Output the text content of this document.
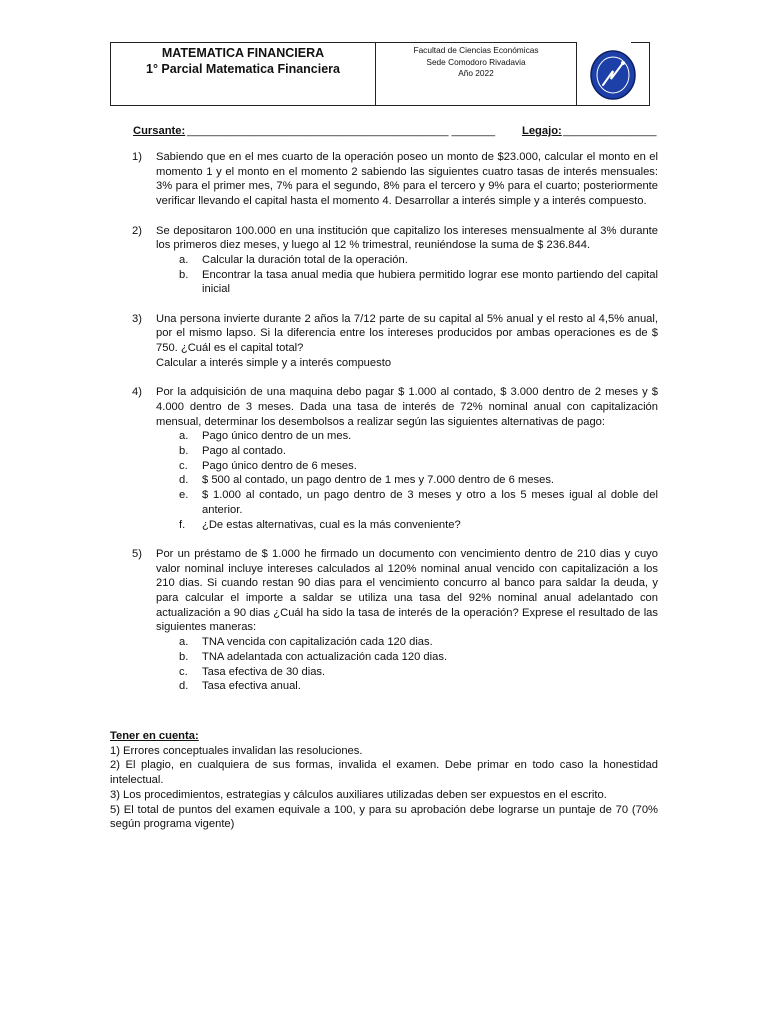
MATEMATICA FINANCIERA
1° Parcial Matematica Financiera
Facultad de Ciencias Económicas
Sede Comodoro Rivadavia
Año 2022
Cursante:
__________________________________________ _______ Legajo:
_______________
1) Sabiendo que en el mes cuarto de la operación poseo un monto de $23.000, calcular el monto en el momento 1 y el monto en el momento 2 sabiendo las siguientes cuatro tasas de interés mensuales: 3% para el primer mes, 7% para el segundo, 8% para el tercero y 9% para el cuarto; posteriormente verificar llevando el capital hasta el momento 4. Desarrollar a interés simple y a interés compuesto.

2) Se depositaron 100.000 en una institución que capitalizo los intereses mensualmente al 3% durante los primeros diez meses, y luego al 12 % trimestral, reuniéndose la suma de $ 236.844.

a. Calcular la duración total de la operación.
b. Encontrar la tasa anual media que hubiera permitido lograr ese monto partiendo del capital inicial
3) Una persona invierte durante 2 años la 7/12 parte de su capital al 5% anual y el resto al 4,5% anual, por el mismo lapso. Si la diferencia entre los intereses producidos por ambas operaciones es de $ 750. ¿Cuál es el capital total?

Calcular a interés simple y a interés compuesto

4) Por la adquisición de una maquina debo pagar $ 1.000 al contado, $ 3.000 dentro de 2 meses y $ 4.000 dentro de 3 meses. Dada una tasa de interés de 72% nominal anual con capitalización mensual, determinar los desembolsos a realizar según las siguientes alternativas de pago:

a. Pago único dentro de un mes.
b. Pago al contado.
c. Pago único dentro de 6 meses.
d. $ 500 al contado, un pago dentro de 1 mes y 7.000 dentro de 6 meses.
e. $ 1.000 al contado, un pago dentro de 3 meses y otro a los 5 meses igual al doble del anterior.
f. ¿De estas alternativas, cual es la más conveniente?
5) Por un préstamo de $ 1.000 he firmado un documento con vencimiento dentro de 210 dias y cuyo valor nominal incluye intereses calculados al 120% nominal anual vencido con capitalización a los 210 dias. Si cuando restan 90 dias para el vencimiento concurro al banco para saldar la deuda, y para calcular el importe a saldar se utiliza una tasa del 92% nominal anual adelantado con actualización a 90 dias ¿Cuál ha sido la tasa de interés de la operación? Exprese el resultado de las siguientes maneras:

a. TNA vencida con capitalización cada 120 dias.
b. TNA adelantada con actualización cada 120 dias.
c. Tasa efectiva de 30 dias.
d. Tasa efectiva anual.

Tener en cuenta:

1) Errores conceptuales invalidan las resoluciones.

2) El plagio, en cualquiera de sus formas, invalida el examen. Debe primar en todo caso la honestidad intelectual.

3) Los procedimientos, estrategias y cálculos auxiliares utilizadas deben ser expuestos en el escrito.

5) El total de puntos del examen equivale a 100, y para su aprobación debe lograrse un puntaje de 70 (70% según programa vigente)
